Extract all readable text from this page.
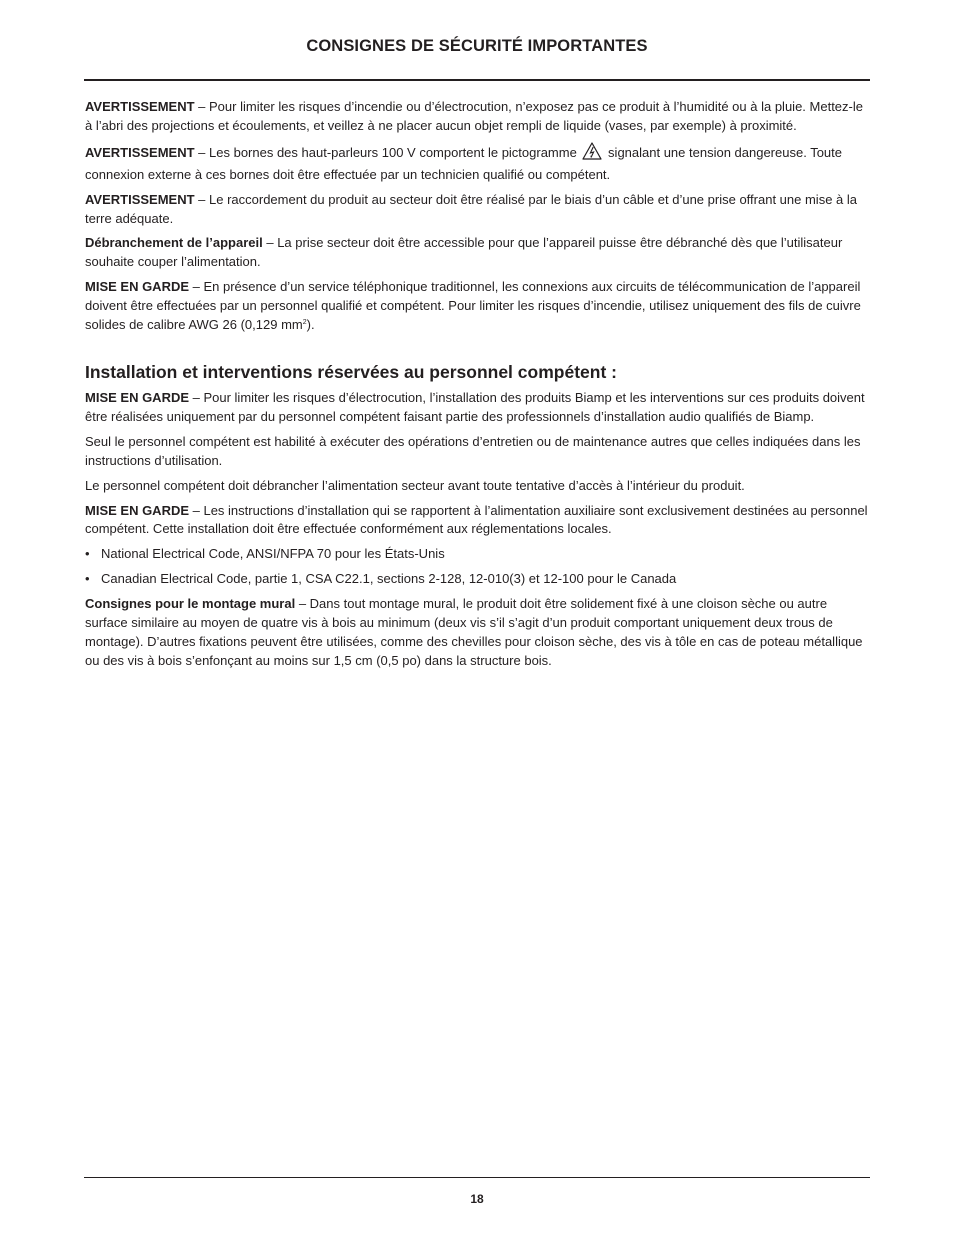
CONSIGNES DE SÉCURITÉ IMPORTANTES

AVERTISSEMENT – Pour limiter les risques d’incendie ou d’électrocution, n’exposez pas ce produit à l’humidité ou à la pluie. Mettez-le à l’abri des projections et écoulements, et veillez à ne placer aucun objet rempli de liquide (vases, par exemple) à proximité.

AVERTISSEMENT – Les bornes des haut-parleurs 100 V comportent le pictogramme  signalant une tension dangereuse. Toute connexion externe à ces bornes doit être effectuée par un technicien qualifié ou compétent.

AVERTISSEMENT – Le raccordement du produit au secteur doit être réalisé par le biais d’un câble et d’une prise offrant une mise à la terre adéquate.

Débranchement de l’appareil – La prise secteur doit être accessible pour que l’appareil puisse être débranché dès que l’utilisateur souhaite couper l’alimentation.

MISE EN GARDE – En présence d’un service téléphonique traditionnel, les connexions aux circuits de télécommunication de l’appareil doivent être effectuées par un personnel qualifié et compétent. Pour limiter les risques d’incendie, utilisez uniquement des fils de cuivre solides de calibre AWG 26 (0,129 $mm^2$).

Installation et interventions réservées au personnel compétent :

MISE EN GARDE – Pour limiter les risques d’électrocution, l’installation des produits Biamp et les interventions sur ces produits doivent être réalisées uniquement par du personnel compétent faisant partie des professionnels d’installation audio qualifiés de Biamp.

Seul le personnel compétent est habilité à exécuter des opérations d’entretien ou de maintenance autres que celles indiquées dans les instructions d’utilisation.

Le personnel compétent doit débrancher l’alimentation secteur avant toute tentative d’accès à l’intérieur du produit.

MISE EN GARDE – Les instructions d’installation qui se rapportent à l’alimentation auxiliaire sont exclusivement destinées au personnel compétent. Cette installation doit être effectuée conformément aux réglementations locales.

• National Electrical Code, ANSI/NFPA 70 pour les États-Unis
• Canadian Electrical Code, partie 1, CSA C22.1, sections 2-128, 12-010(3) et 12-100 pour le Canada

Consignes pour le montage mural – Dans tout montage mural, le produit doit être solidement fixé à une cloison sèche ou autre surface similaire au moyen de quatre vis à bois au minimum (deux vis s’il s’agit d’un produit comportant uniquement deux trous de montage). D’autres fixations peuvent être utilisées, comme des chevilles pour cloison sèche, des vis à tôle en cas de poteau métallique ou des vis à bois s’enfonçant au moins sur 1,5 cm (0,5 po) dans la structure bois.

18
